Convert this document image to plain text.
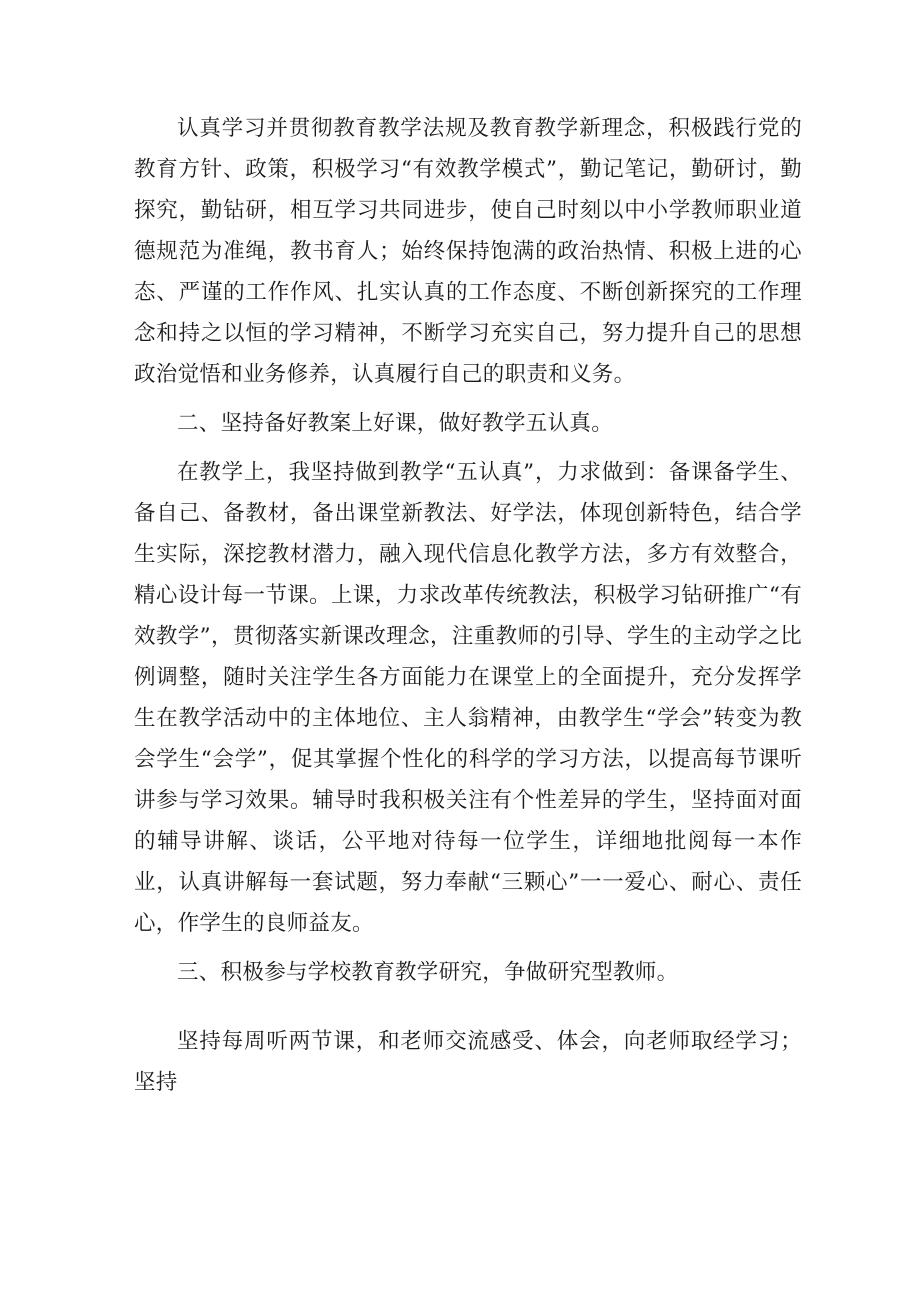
认真学习并贯彻教育教学法规及教育教学新理念，积极践行党的教育方针、政策，积极学习“有效教学模式”，勤记笔记，勤研讨，勤探究，勤钻研，相互学习共同进步，使自己时刻以中小学教师职业道德规范为准绳，教书育人；始终保持饱满的政治热情、积极上进的心态、严谨的工作作风、扎实认真的工作态度、不断创新探究的工作理念和持之以恒的学习精神，不断学习充实自己，努力提升自己的思想政治觉悟和业务修养，认真履行自己的职责和义务。

二、坚持备好教案上好课，做好教学五认真。

在教学上，我坚持做到教学“五认真”，力求做到：备课备学生、备自己、备教材，备出课堂新教法、好学法，体现创新特色，结合学生实际，深挖教材潜力，融入现代信息化教学方法，多方有效整合，精心设计每一节课。上课，力求改革传统教法，积极学习钻研推广“有效教学”，贯彻落实新课改理念，注重教师的引导、学生的主动学之比例调整，随时关注学生各方面能力在课堂上的全面提升，充分发挥学生在教学活动中的主体地位、主人翁精神，由教学生“学会”转变为教会学生“会学”，促其掌握个性化的科学的学习方法，以提高每节课听讲参与学习效果。辅导时我积极关注有个性差异的学生，坚持面对面的辅导讲解、谈话，公平地对待每一位学生，详细地批阅每一本作业，认真讲解每一套试题，努力奉献“三颗心”一一爱心、耐心、责任心，作学生的良师益友。

三、积极参与学校教育教学研究，争做研究型教师。

坚持每周听两节课，和老师交流感受、体会，向老师取经学习；坚持
